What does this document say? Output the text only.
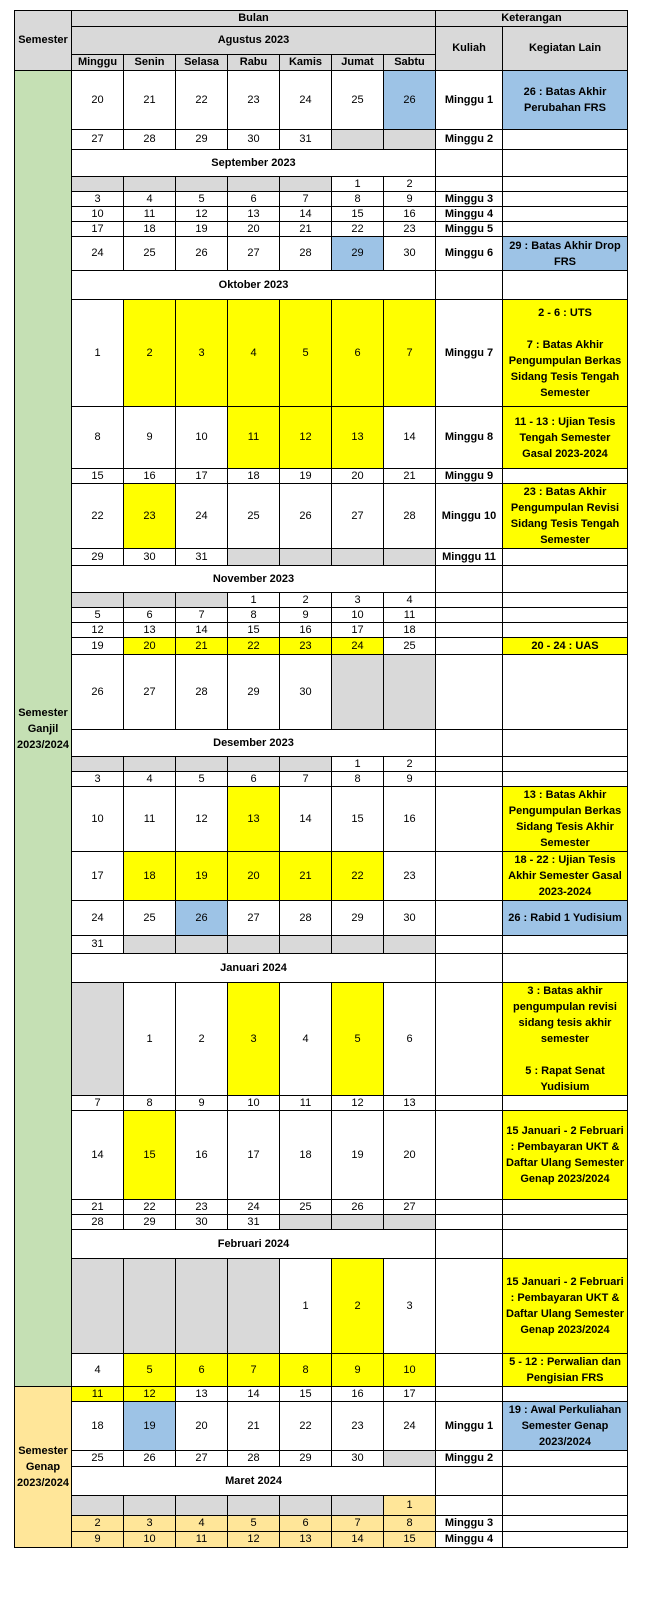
Semester	Bulan							Keterangan	
	Agustus 2023							Kuliah	Kegiatan Lain
	Minggu	Senin	Selasa	Rabu	Kamis	Jumat	Sabtu		
Semester Ganjil 2023/2024	20	21	22	23	24	25	26	Minggu 1	26 : Batas Akhir Perubahan FRS
	27	28	29	30	31			Minggu 2	
	September 2023								
						1	2		
	3	4	5	6	7	8	9	Minggu 3	
	10	11	12	13	14	15	16	Minggu 4	
	17	18	19	20	21	22	23	Minggu 5	
	24	25	26	27	28	29	30	Minggu 6	29 : Batas Akhir Drop FRS
	Oktober 2023								
	1	2	3	4	5	6	7	Minggu 7	2 - 6 : UTS

7 : Batas Akhir Pengumpulan Berkas Sidang Tesis Tengah Semester
	8	9	10	11	12	13	14	Minggu 8	11 - 13 : Ujian Tesis Tengah Semester Gasal 2023-2024
	15	16	17	18	19	20	21	Minggu 9	
	22	23	24	25	26	27	28	Minggu 10	23 : Batas Akhir Pengumpulan Revisi Sidang Tesis Tengah Semester
	29	30	31					Minggu 11	
	November 2023								
				1	2	3	4		
	5	6	7	8	9	10	11		
	12	13	14	15	16	17	18		
	19	20	21	22	23	24	25		20 - 24 : UAS
	26	27	28	29	30				
	Desember 2023								
						1	2		
	3	4	5	6	7	8	9		
	10	11	12	13	14	15	16		13 : Batas Akhir Pengumpulan Berkas Sidang Tesis Akhir Semester
	17	18	19	20	21	22	23		18 - 22 : Ujian Tesis Akhir Semester Gasal 2023-2024
	24	25	26	27	28	29	30		26 : Rabid 1 Yudisium
	31								
	Januari 2024								
		1	2	3	4	5	6		3 : Batas akhir pengumpulan revisi sidang tesis akhir semester

5 : Rapat Senat Yudisium
	7	8	9	10	11	12	13		
	14	15	16	17	18	19	20		15 Januari - 2 Februari : Pembayaran UKT & Daftar Ulang Semester Genap 2023/2024
	21	22	23	24	25	26	27		
	28	29	30	31					
	Februari 2024								
					1	2	3		15 Januari - 2 Februari : Pembayaran UKT & Daftar Ulang Semester Genap 2023/2024
	4	5	6	7	8	9	10		5 - 12 : Perwalian dan Pengisian FRS
Semester Genap 2023/2024	11	12	13	14	15	16	17		
	18	19	20	21	22	23	24	Minggu 1	19 : Awal Perkuliahan Semester Genap 2023/2024
	25	26	27	28	29	30		Minggu 2	
	Maret 2024								
							1		
	2	3	4	5	6	7	8	Minggu 3	
	9	10	11	12	13	14	15	Minggu 4	
